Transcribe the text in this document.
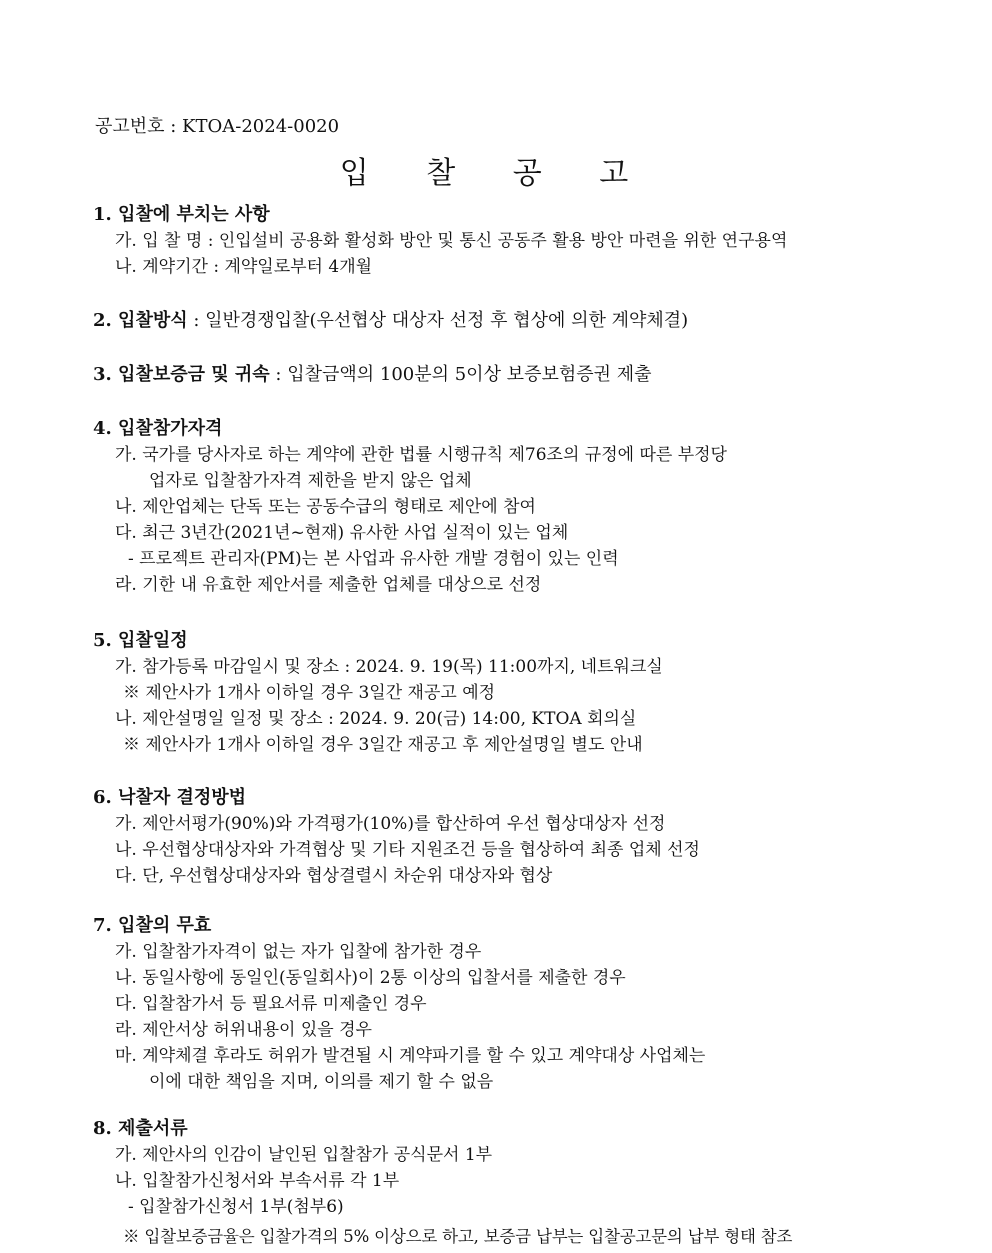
공고번호 : KTOA-2024-0020
입 찰 공 고
1. 입찰에 부치는 사항
가. 입 찰 명 : 인입설비 공용화 활성화 방안 및 통신 공동주 활용 방안 마련을 위한 연구용역
나. 계약기간 : 계약일로부터 4개월
2. 입찰방식 : 일반경쟁입찰(우선협상 대상자 선정 후 협상에 의한 계약체결)
3. 입찰보증금 및 귀속 : 입찰금액의 100분의 5이상 보증보험증권 제출
4. 입찰참가자격
가. 국가를 당사자로 하는 계약에 관한 법률 시행규칙 제76조의 규정에 따른 부정당
업자로 입찰참가자격 제한을 받지 않은 업체
나. 제안업체는 단독 또는 공동수급의 형태로 제안에 참여
다. 최근 3년간(2021년~현재) 유사한 사업 실적이 있는 업체
- 프로젝트 관리자(PM)는 본 사업과 유사한 개발 경험이 있는 인력
라. 기한 내 유효한 제안서를 제출한 업체를 대상으로 선정
5. 입찰일정
가. 참가등록 마감일시 및 장소 : 2024. 9. 19(목) 11:00까지, 네트워크실
※ 제안사가 1개사 이하일 경우 3일간 재공고 예정
나. 제안설명일 일정 및 장소 : 2024. 9. 20(금) 14:00, KTOA 회의실
※ 제안사가 1개사 이하일 경우 3일간 재공고 후 제안설명일 별도 안내
6. 낙찰자 결정방법
가. 제안서평가(90%)와 가격평가(10%)를 합산하여 우선 협상대상자 선정
나. 우선협상대상자와 가격협상 및 기타 지원조건 등을 협상하여 최종 업체 선정
다. 단, 우선협상대상자와 협상결렬시 차순위 대상자와 협상
7. 입찰의 무효
가. 입찰참가자격이 없는 자가 입찰에 참가한 경우
나. 동일사항에 동일인(동일회사)이 2통 이상의 입찰서를 제출한 경우
다. 입찰참가서 등 필요서류 미제출인 경우
라. 제안서상 허위내용이 있을 경우
마. 계약체결 후라도 허위가 발견될 시 계약파기를 할 수 있고 계약대상 사업체는
이에 대한 책임을 지며, 이의를 제기 할 수 없음
8. 제출서류
가. 제안사의 인감이 날인된 입찰참가 공식문서 1부
나. 입찰참가신청서와 부속서류 각 1부
- 입찰참가신청서 1부(첨부6)
※ 입찰보증금율은 입찰가격의 5% 이상으로 하고, 보증금 납부는 입찰공고문의 납부 형태 참조
